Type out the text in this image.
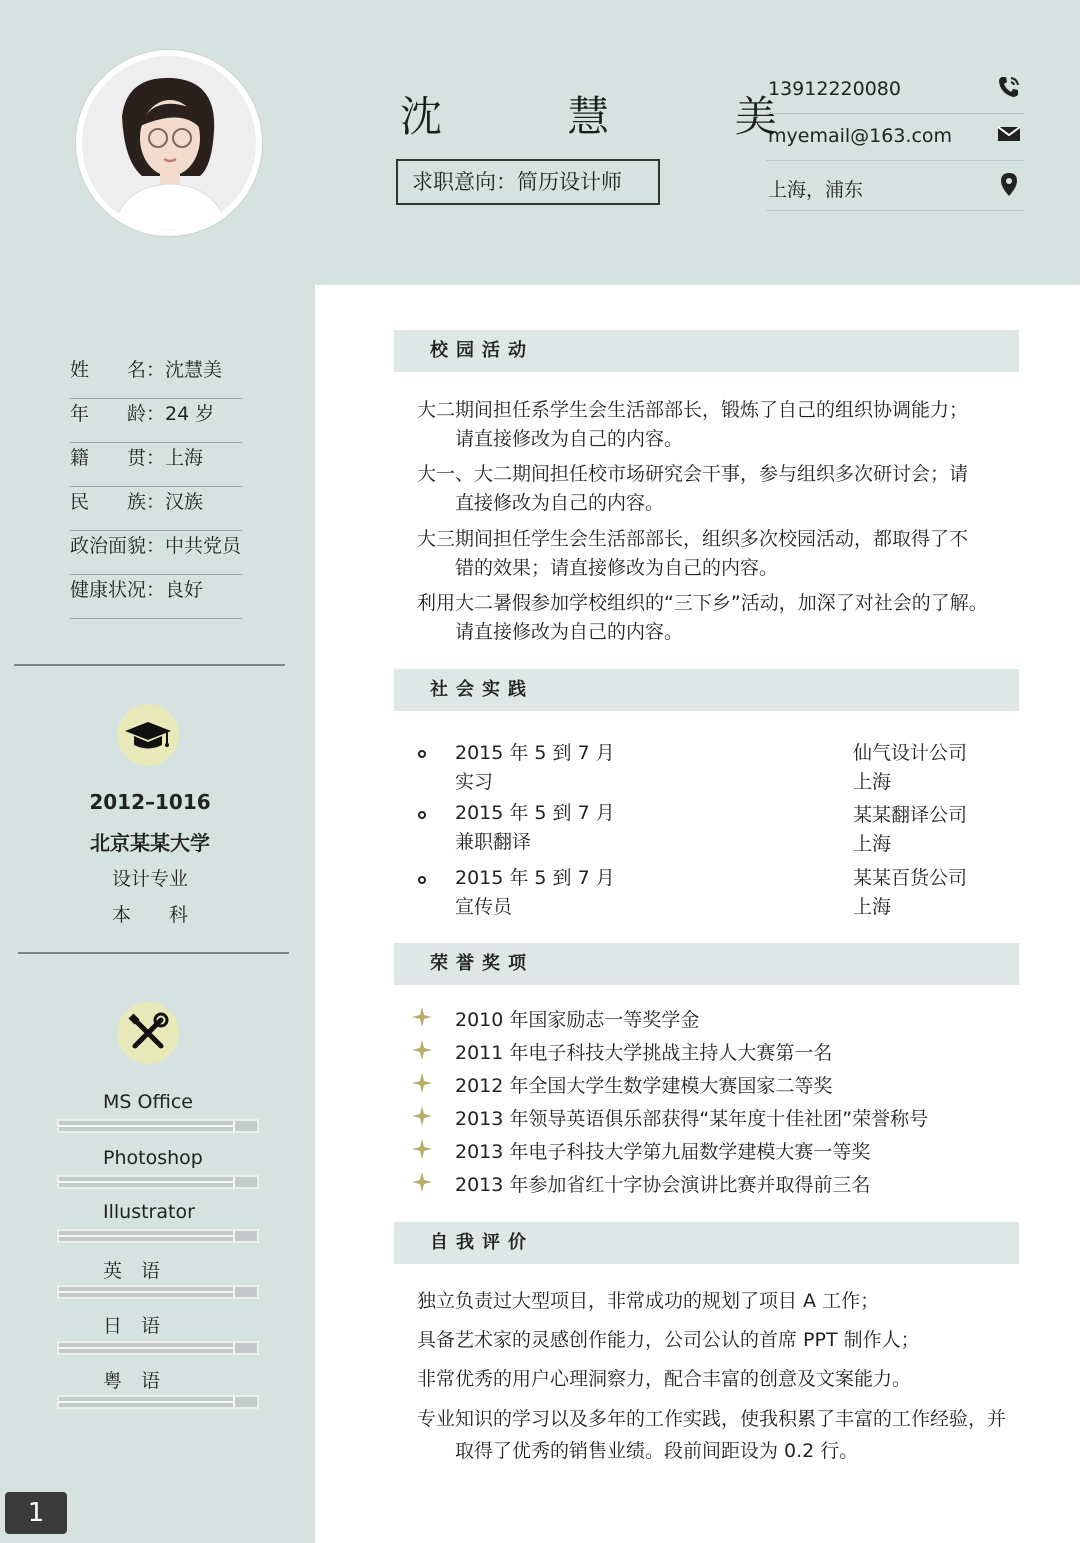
沈 慧 美
求职意向：简历设计师
13912220080
myemail@163.com
上海，浦东
姓　　名：沈慧美
年　　龄：24 岁
籍　　贯：上海
民　　族：汉族
政治面貌：中共党员
健康状况：良好
2012–1016
北京某某大学
设计专业
本　　科
MS Office
Photoshop
Illustrator
英　语
日　语
粤　语
1
校园活动
大二期间担任系学生会生活部部长，锻炼了自己的组织协调能力；
请直接修改为自己的内容。
大一、大二期间担任校市场研究会干事，参与组织多次研讨会；请
直接修改为自己的内容。
大三期间担任学生会生活部部长，组织多次校园活动，都取得了不
错的效果；请直接修改为自己的内容。
利用大二暑假参加学校组织的“三下乡”活动，加深了对社会的了解。
请直接修改为自己的内容。
社会实践
2015 年 5 到 7 月
实习
仙气设计公司
上海
2015 年 5 到 7 月
兼职翻译
某某翻译公司
上海
2015 年 5 到 7 月
宣传员
某某百货公司
上海
荣誉奖项
2010 年国家励志一等奖学金
2011 年电子科技大学挑战主持人大赛第一名
2012 年全国大学生数学建模大赛国家二等奖
2013 年领导英语俱乐部获得“某年度十佳社团”荣誉称号
2013 年电子科技大学第九届数学建模大赛一等奖
2013 年参加省红十字协会演讲比赛并取得前三名
自我评价
独立负责过大型项目，非常成功的规划了项目 A 工作；
具备艺术家的灵感创作能力，公司公认的首席 PPT 制作人；
非常优秀的用户心理洞察力，配合丰富的创意及文案能力。
专业知识的学习以及多年的工作实践，使我积累了丰富的工作经验，并
取得了优秀的销售业绩。段前间距设为 0.2 行。
